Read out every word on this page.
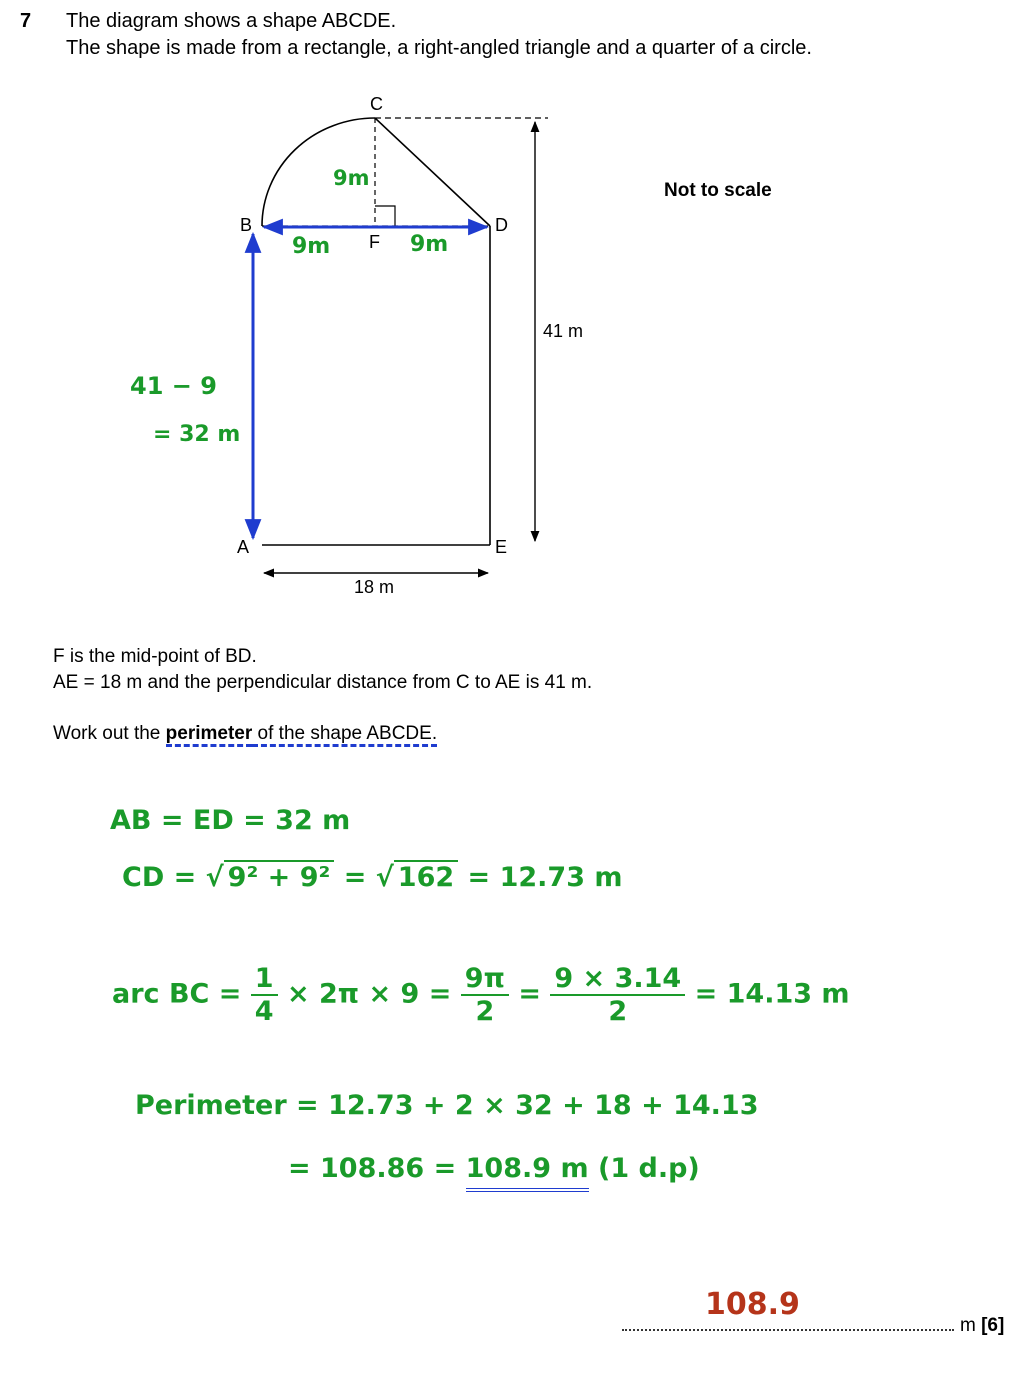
7 The diagram shows a shape ABCDE.
The shape is made from a rectangle, a right-angled triangle and a quarter of a circle.
C
B
F
D
A	E
41 m
18 m
Not to scale
9m
9m	9m
41 − 9
= 32 m
F is the mid-point of BD.
AE = 18 m and the perpendicular distance from C to AE is 41 m.
Work out the perimeter of the shape ABCDE.
AB = ED = 32 m
CD = √ 9² + 9² = √ 162 = 12.73 m
arc BC = $\frac{1}{4} \times 2\pi \times 9 = \frac{9\pi}{2} = \frac{9 \times 3.14}{2} = 14.13$ m
Perimeter = 12.73 + 2 × 32 + 18 + 14.13
= 108.86 = 108.9 m (1 d.p)
108.9
m [6]
